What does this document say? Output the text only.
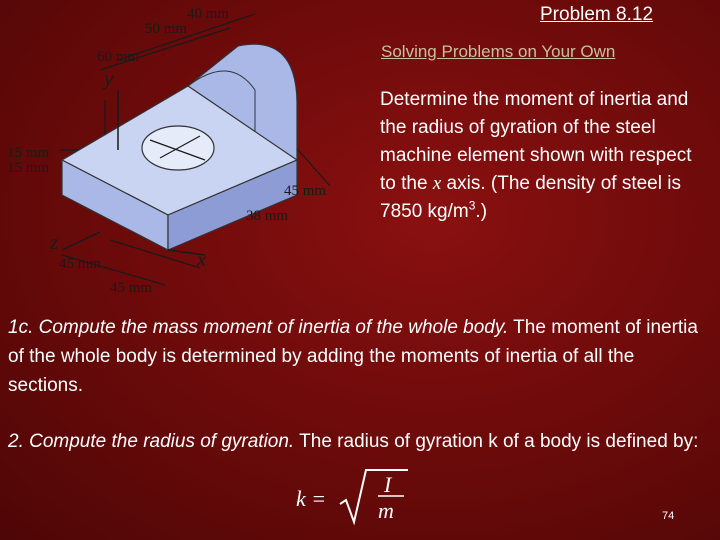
Problem 8.12
Solving Problems on Your Own
40 mm
50 mm
60 mm
15 mm
15 mm
45 mm
38 mm
45 mm
45 mm
y
z
x
Determine the moment of inertia and the radius of gyration of the steel machine element shown with respect to the x axis. (The density of steel is 7850 $kg/m^3$.)
1c. Compute the mass moment of inertia of the whole body. The moment of inertia of the whole body is determined by adding the moments of inertia of all the sections.
2. Compute the radius of gyration. The radius of gyration k of a body is defined by:
k =
I
m	74
